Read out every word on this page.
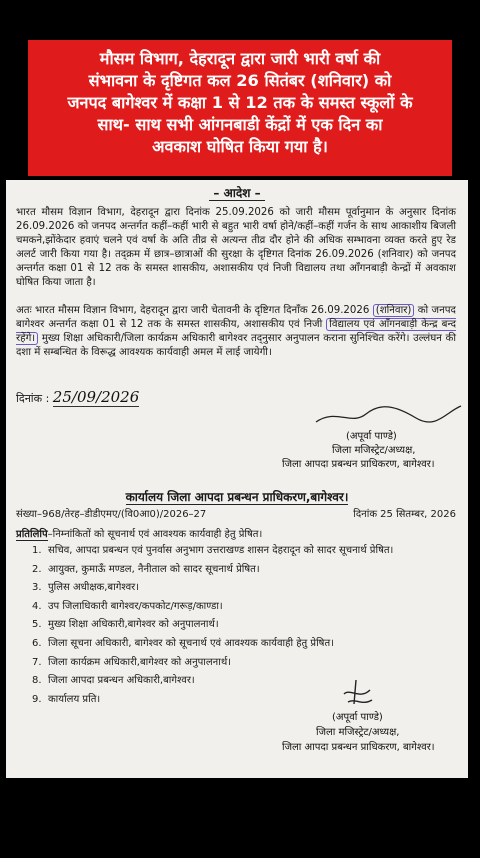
मौसम विभाग, देहरादून द्वारा जारी भारी वर्षा की
संभावना के दृष्टिगत कल 26 सितंबर (शनिवार) को
जनपद बागेश्वर में कक्षा 1 से 12 तक के समस्त स्कूलों के
साथ- साथ सभी आंगनबाडी केंद्रों में एक दिन का
अवकाश घोषित किया गया है।
– आदेश –
भारत मौसम विज्ञान विभाग, देहरादून द्वारा दिनांक 25.09.2026 को जारी मौसम पूर्वानुमान के अनुसार दिनांक 26.09.2026 को जनपद अन्तर्गत कहीं–कहीं भारी से बहुत भारी वर्षा होने/कहीं–कहीं गर्जन के साथ आकाशीय बिजली चमकने,झोंकेदार हवाएं चलने एवं वर्षा के अति तीव्र से अत्यन्त तीव्र दौर होने की अधिक सम्भावना व्यक्त करते हुए रेड अलर्ट जारी किया गया है। तद्क्रम में छात्र–छात्राओं की सुरक्षा के दृष्टिगत दिनांक 26.09.2026 (शनिवार) को जनपद अन्तर्गत कक्षा 01 से 12 तक के समस्त शासकीय, अशासकीय एवं निजी विद्यालय तथा आँगनबाड़ी केन्द्रों में अवकाश घोषित किया जाता है।
अतः भारत मौसम विज्ञान विभाग, देहरादून द्वारा जारी चेतावनी के दृष्टिगत दिनाँक 26.09.2026 (शनिवार) को जनपद बागेश्वर अन्तर्गत कक्षा 01 से 12 तक के समस्त शासकीय, अशासकीय एवं निजी विद्यालय एवं आँगनबाड़ी केन्द्र बन्द रहेंगे। मुख्य शिक्षा अधिकारी/जिला कार्यक्रम अधिकारी बागेश्वर तद्नुसार अनुपालन कराना सुनिश्चित करेंगे। उल्लंघन की दशा में सम्बन्धित के विरूद्ध आवश्यक कार्यवाही अमल में लाई जायेगी।
दिनांक : 25/09/2026
(अपूर्वा पाण्डे)
जिला मजिस्ट्रेट/अध्यक्ष,
जिला आपदा प्रबन्धन प्राधिकरण, बागेश्वर।
कार्यालय जिला आपदा प्रबन्धन प्राधिकरण,बागेश्वर।
संख्या–968/तेरह–डीडीएमए/(वि0आ0)/2026–27	दिनांक 25 सितम्बर, 2026
प्रतिलिपि–निम्नांकितों को सूचनार्थ एवं आवश्यक कार्यवाही हेतु प्रेषित।
1. सचिव, आपदा प्रबन्धन एवं पुनर्वास अनुभाग उत्तराखण्ड शासन देहरादून को सादर सूचनार्थ प्रेषित।
2. आयुक्त, कुमाऊँ मण्डल, नैनीताल को सादर सूचनार्थ प्रेषित।
3. पुलिस अधीक्षक,बागेश्वर।
4. उप जिलाधिकारी बागेश्वर/कपकोट/गरूड़/काण्डा।
5. मुख्य शिक्षा अधिकारी,बागेश्वर को अनुपालनार्थ।
6. जिला सूचना अधिकारी, बागेश्वर को सूचनार्थ एवं आवश्यक कार्यवाही हेतु प्रेषित।
7. जिला कार्यक्रम अधिकारी,बागेश्वर को अनुपालनार्थ।
8. जिला आपदा प्रबन्धन अधिकारी,बागेश्वर।
9. कार्यालय प्रति।
(अपूर्वा पाण्डे)
जिला मजिस्ट्रेट/अध्यक्ष,
जिला आपदा प्रबन्धन प्राधिकरण, बागेश्वर।
